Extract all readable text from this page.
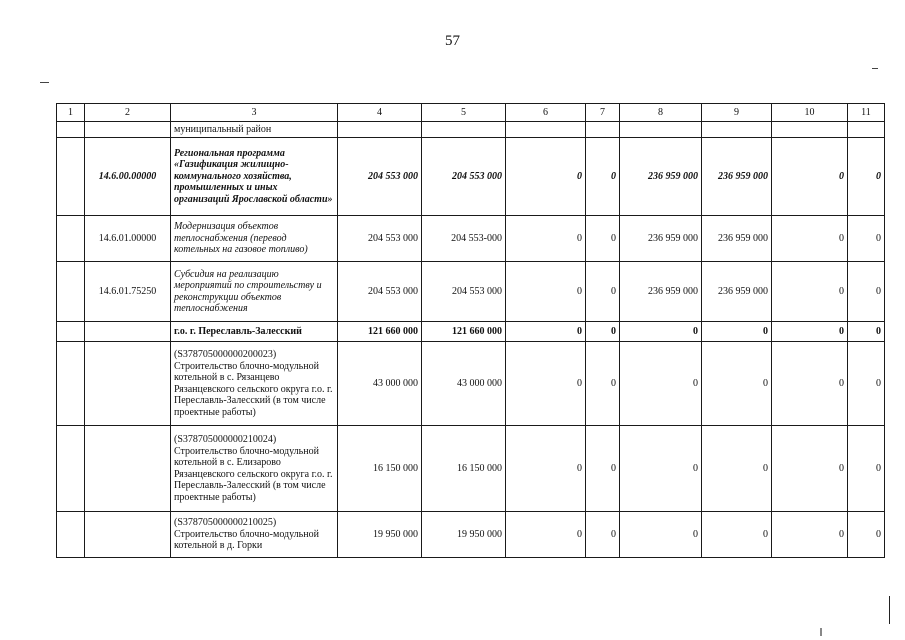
57
1	2	3	4	5	6	7	8	9	10	11
		муниципальный район								
	14.6.00.00000	Региональная программа «Газификация жилищно-коммунального хозяйства, промышленных и иных организаций Ярославской области»	204 553 000	204 553 000	0	0	236 959 000	236 959 000	0	0
	14.6.01.00000	Модернизация объектов теплоснабжения (перевод котельных на газовое топливо)	204 553 000	204 553-000	0	0	236 959 000	236 959 000	0	0
	14.6.01.75250	Субсидия на реализацию мероприятий по строительству и реконструкции объектов теплоснабжения	204 553 000	204 553 000	0	0	236 959 000	236 959 000	0	0
		г.о. г. Переславль-Залесский	121 660 000	121 660 000	0	0	0	0	0	0
		(S378705000000200023) Строительство блочно-модульной котельной в с. Рязанцево Рязанцевского сельского округа г.о. г. Переславль-Залесский (в том числе проектные работы)	43 000 000	43 000 000	0	0	0	0	0	0
		(S378705000000210024) Строительство блочно-модульной котельной в с. Елизарово Рязанцевского сельского округа г.о. г. Переславль-Залесский (в том числе проектные работы)	16 150 000	16 150 000	0	0	0	0	0	0
		(S378705000000210025) Строительство блочно-модульной котельной в д. Горки	19 950 000	19 950 000	0	0	0	0	0	0
